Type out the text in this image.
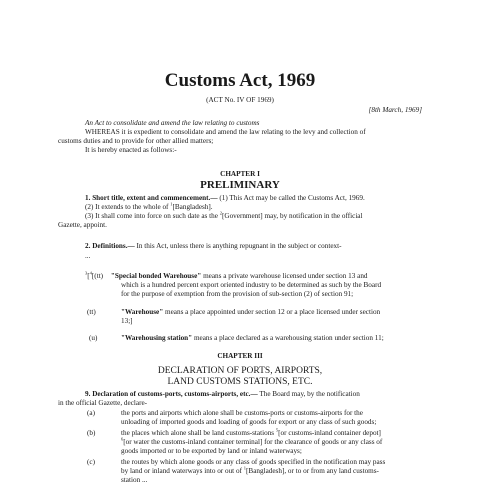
Customs Act, 1969
(ACT No. IV OF 1969)
[8th March, 1969]
An Act to consolidate and amend the law relating to customs
WHEREAS it is expedient to consolidate and amend the law relating to the levy and collection of
customs duties and to provide for other allied matters;
It is hereby enacted as follows:-
CHAPTER I
PRELIMINARY
1. Short title, extent and commencement.— (1) This Act may be called the Customs Act, 1969.
(2) It extends to the whole of $^1$[Bangladesh].
(3) It shall come into force on such date as the $^2$[Government] may, by notification in the official
Gazette, appoint.
2. Definitions.— In this Act, unless there is anything repugnant in the subject or context-
...
$^3$[$^4$[(tt) "Special bonded Warehouse" means a private warehouse licensed under section 13 and
which is a hundred percent export oriented industry to be determined as such by the Board
for the purpose of exemption from the provision of sub-section (2) of section 91;
(tt)	"Warehouse" means a place appointed under section 12 or a place licensed under section
13;]
(u)	"Warehousing station" means a place declared as a warehousing station under section 11;
CHAPTER III
DECLARATION OF PORTS, AIRPORTS,
LAND CUSTOMS STATIONS, ETC.
9. Declaration of customs-ports, customs-airports, etc.— The Board may, by the notification
in the official Gazette, declare-
(a)	the ports and airports which alone shall be customs-ports or customs-airports for the
unloading of imported goods and loading of goods for export or any class of such goods;
(b)	the places which alone shall be land customs-stations $^5$[or customs-inland container depot]
$^6$[or water the customs-inland container terminal] for the clearance of goods or any class of
goods imported or to be exported by land or inland waterways;
(c)	the routes by which alone goods or any class of goods specified in the notification may pass
by land or inland waterways into or out of $^1$[Bangladesh], or to or from any land customs-
station ...
